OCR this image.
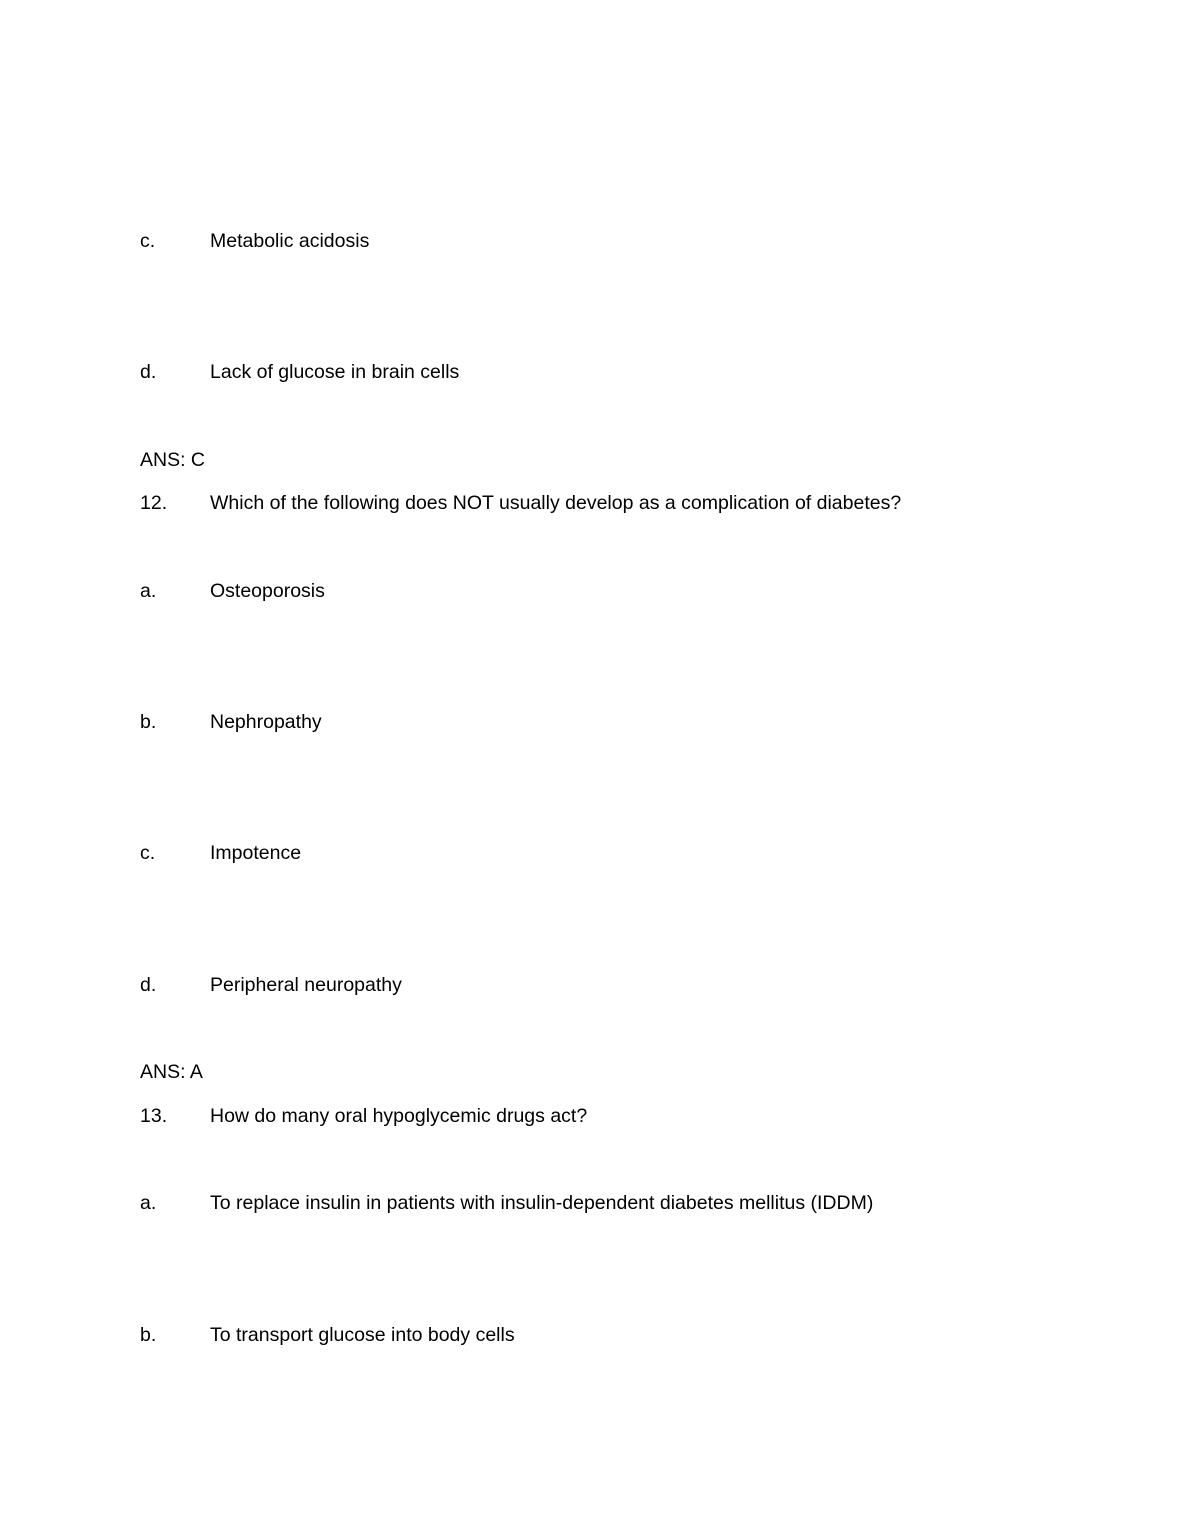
c.	Metabolic acidosis
d.	Lack of glucose in brain cells
ANS: C
12. Which of the following does NOT usually develop as a complication of diabetes?
a.	Osteoporosis
b.	Nephropathy
c.	Impotence
d.	Peripheral neuropathy
ANS: A
13. How do many oral hypoglycemic drugs act?
a.	To replace insulin in patients with insulin-dependent diabetes mellitus (IDDM)
b.	To transport glucose into body cells
